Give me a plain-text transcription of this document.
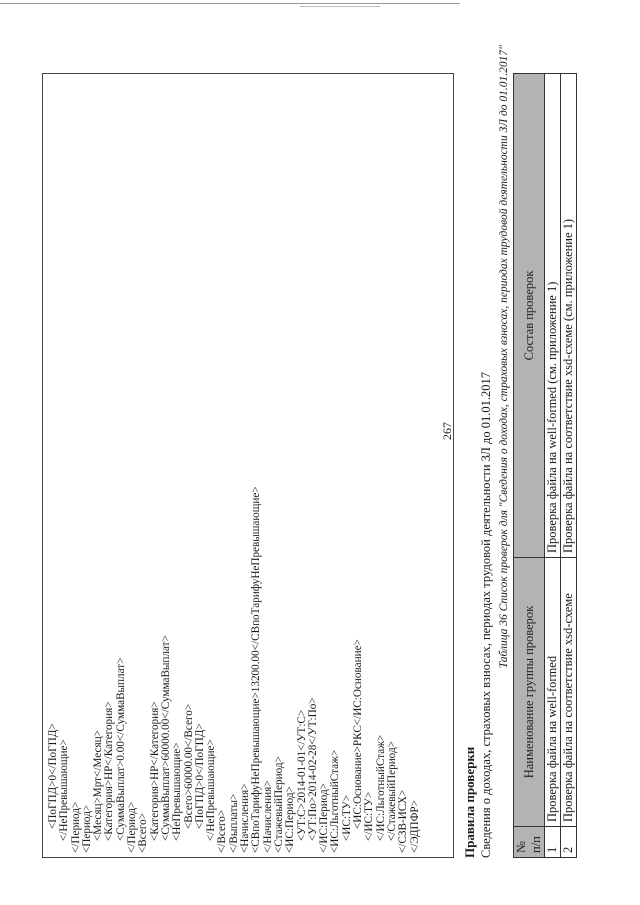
267
<ПоГПД>0</ПоГПД> </НеПревышающие> </Период> <Период> <Месяц>Мрт</Месяц> <Категория>НР</Категория> <СуммаВыплат>0.00</СуммаВыплат> </Период> <Всего> <Категория>НР</Категория> <СуммаВыплат>60000.00</СуммаВыплат> <НеПревышающие> <Всего>60000.00</Всего> <ПоГПД>0</ПоГПД> </НеПревышающие> </Всего> </Выплаты> <Начисления> <СВпоТарифуНеПревышающие>13200.00</СВпоТарифуНеПревышающие> </Начисления> <СтажевыйПериод> <ИС:Период> <УТ:С>2014-01-01</УТ:С> <УТ:По>2014-02-28</УТ:По> </ИС:Период> <ИС:ЛьготныйСтаж> <ИС:ТУ> <ИС:Основание>РКС</ИС:Основание> </ИС:ТУ> </ИС:ЛьготныйСтаж> </СтажевыйПериод> </СЗВ-ИСХ> </ЭДПФР>	Правила проверки Сведения о доходах, страховых взносах, периодах трудовой деятельности ЗЛ до 01.01.2017 Таблица 36 Список проверок для "Сведения о доходах, страховых взносах, периодах трудовой деятельности ЗЛ до 01.01.2017"
№ п/п	Наименование группы проверок	Состав проверок
1	Проверка файла на well-formed	Проверка файла на well-formed (см. приложение 1)
2	Проверка файла на соответствие xsd-схеме	Проверка файла на соответствие xsd-схеме (см. приложение 1)
